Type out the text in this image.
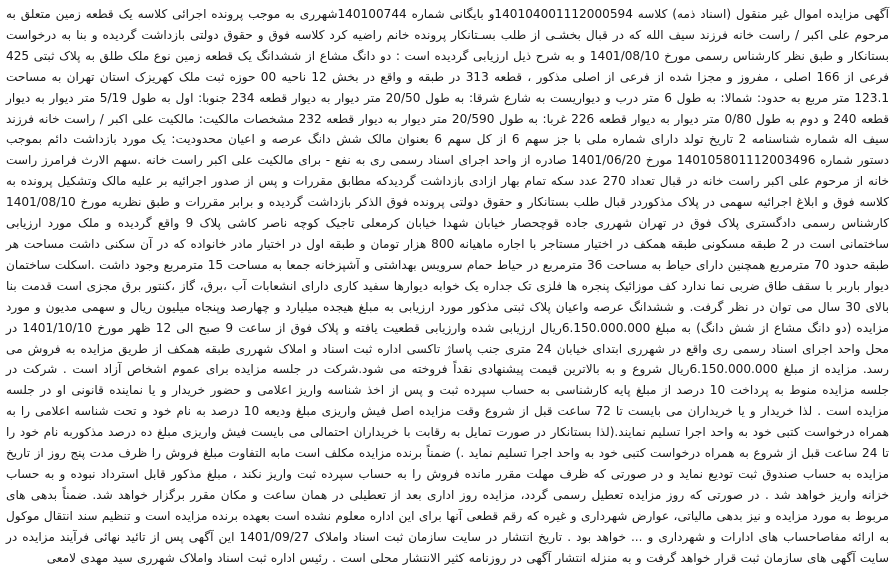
آگهی مزایده اموال غیر منقول (اسناد ذمه) کلاسه 140104001112000594و بایگانی شماره 140100744شهرری به موجب پرونده اجرائی کلاسه یک قطعه زمین متعلق به مرحوم علی اکبر / راست خانه فرزند سیف الله که در قبال بخشـی از طلب بسـتانکار پرونده خانم راضیه کرد کلاسه فوق و حقوق دولتی بازداشت گردیده و بنا به درخواست بستانکار و طبق نظر کارشناس رسمی مورخ 1401/08/10 و به شرح ذیل ارزیابی گردیده است : دو دانگ مشاع از ششدانگ یک قطعه زمین نوع ملک طلق به پلاک ثبتی 425 فرعی از 166 اصلی ، مفروز و مجزا شده از فرعی از اصلی مذکور ، قطعه 313 در طبقه و واقع در بخش 12 ناحیه 00 حوزه ثبت ملک کهریزک استان تهران به مساحت 123.1 متر مربع به حدود: شمالا: به طول 6 متر درب و دیواریست به شارع شرقا: به طول 20/50 متر دیوار به دیوار قطعه 234 جنوبا: اول به طول 5/19 متر دیوار به دیوار قطعه 240 و دوم به طول 0/80 متر دیوار به دیوار قطعه 226 غربا: به طول 20/590 متر دیوار به دیوار قطعه 232 مشخصات مالکیت: مالکیت علی اکبر / راست خانه فرزند سیف اله شماره شناسنامه 2 تاریخ تولد دارای شماره ملی با جز سهم 6 از کل سهم 6 بعنوان مالک شش دانگ عرصه و اعیان محدودیت: یک مورد بازداشت دائم بموجب دستور شماره 140105801112003496 مورخ 1401/06/20 صادره از واحد اجرای اسناد رسمی ری به نفع - برای مالکیت علی اکبر راست خانه .سهم الارث فرامرز راست خانه از مرحوم علی اکبر راست خانه در قبال تعداد 270 عدد سکه تمام بهار ازادی بازداشت گردیدکه مطابق مقررات و پس از صدور اجرائیه بر علیه مالک وتشکیل پرونده به کلاسه فوق و ابلاغ اجرائیه سهمی در پلاک مذکوردر قبال طلب بستانکار و حقوق دولتی پرونده فوق الذکر بازداشت گردیده و برابر مقررات و طبق نظریه مورخ 1401/08/10 کارشناس رسمی دادگستری پلاک فوق در تهران شهرری جاده قوچحصار خیابان شهدا خیابان کرمعلی تاجیک کوچه ناصر کاشی پلاک 9 واقع گردیده و ملک مورد ارزیابی ساختمانی است در 2 طبقه مسکونی طبقه همکف در اختیار مستاجر با اجاره ماهیانه 800 هزار تومان و طبقه اول در اختیار مادر خانواده که در آن سکنی داشت مساحت هر طبقه حدود 70 مترمربع همچنین دارای حیاط به مساحت 36 مترمربع در حیاط حمام سرویس بهداشتی و آشپزخانه جمعا به مساحت 15 مترمربع وجود داشت .اسکلت ساختمان دیوار باربر با سقف طاق ضربی نما ندارد کف موزائیک پنجره ها فلزی تک جداره یک خوابه دیوارها سفید کاری دارای انشعابات آب ،برق، گاز ،کنتور برق مجزی است قدمت بنا بالای 30 سال می توان در نظر گرفت. و ششدانگ عرصه واعیان پلاک ثبتی مذکور مورد ارزیابی به مبلغ هیجده میلیارد و چهارصد وپنجاه میلیون ریال و سهمی مدیون و مورد مزایده (دو دانگ مشاع از شش دانگ) به مبلغ 6.150.000.000ریال ارزیابی شده وارزیابی قطعیت یافته و پلاک فوق از ساعت 9 صبح الی 12 ظهر مورخ 1401/10/10 در محل واحد اجرای اسناد رسمی ری واقع در شهرری ابتدای خیابان 24 متری جنب پاساژ تاکسی اداره ثبت اسناد و املاک شهرری طبقه همکف از طریق مزایده به فروش می رسد. مزایده از مبلغ 6.150.000.000ریال شروع و به بالاترین قیمت پیشنهادی نقداً فروخته می شود.شرکت در جلسه مزایده برای عموم اشخاص آزاد است . شرکت در جلسه مزایده منوط به پرداخت 10 درصد از مبلغ پایه کارشناسی به حساب سپرده ثبت و پس از اخذ شناسه واریز اعلامی و حضور خریدار و یا نماینده قانونی او در جلسه مزایده است . لذا خریدار و یا خریداران می بایست تا 72 ساعت قبل از شروع وقت مزایده اصل فیش واریزی مبلغ ودیعه 10 درصد به نام خود و تحت شناسه اعلامی را به همراه درخواست کتبی خود به واحد اجرا تسلیم نمایند.(لذا بستانکار در صورت تمایل به رقابت با خریداران احتمالی می بایست فیش واریزی مبلغ ده درصد مذکوربه نام خود را تا 24 ساعت قبل از شروع به همراه درخواست کتبی خود به واحد اجرا تسلیم نماید .) ضمناً برنده مزایده مکلف است مابه التفاوت مبلغ فروش را ظرف مدت پنج روز از تاریخ مزایده به حساب صندوق ثبت تودیع نماید و در صورتی که ظرف مهلت مقرر مانده فروش را به حساب سپرده ثبت واریز نکند ، مبلغ مذکور قابل استرداد نبوده و به حساب خزانه واریز خواهد شد . در صورتی که روز مزایده تعطیل رسمی گردد، مزایده روز اداری بعد از تعطیلی در همان ساعت و مکان مقرر برگزار خواهد شد. ضمناً بدهی های مربوط به مورد مزایده و نیز بدهی مالیاتی، عوارض شهرداری و غیره که رقم قطعی آنها برای این اداره معلوم نشده است بعهده برنده مزایده است و تنظیم سند انتقال موکول به ارائه مفاصاحساب های ادارات و شهرداری و ... خواهد بود . تاریخ انتشار در سایت سازمان ثبت اسناد واملاک 1401/09/27 این آگهی پس از تائید نهائی فرآیند مزایده در سایت آگهی های سازمان ثبت قرار خواهد گرفت و به منزله انتشار آگهی در روزنامه کثیر الانتشار محلی است . رئیس اداره ثبت اسناد واملاک شهرری سید مهدی لامعی
